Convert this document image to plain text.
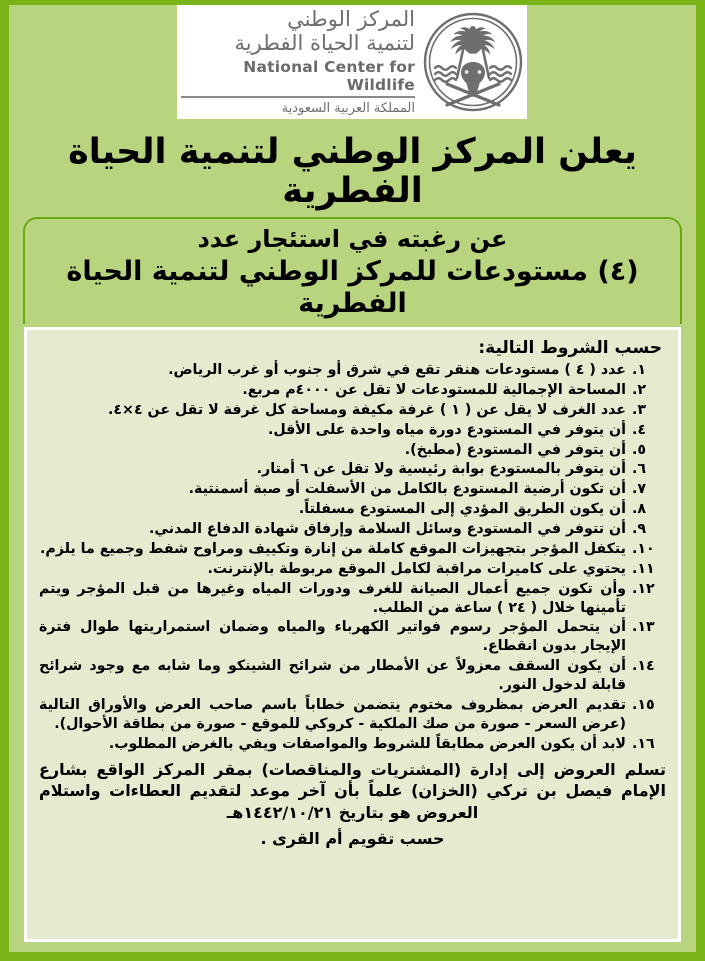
المركز الوطني
لتنمية الحياة الفطرية
National Center for Wildlife
المملكة العربية السعودية
يعلن المركز الوطني لتنمية الحياة الفطرية
عن رغبته في استئجار عدد
(٤) مستودعات للمركز الوطني لتنمية الحياة الفطرية
حسب الشروط التالية:
١.
عدد ( ٤ ) مستودعات هنقر تقع في شرق أو جنوب أو غرب الرياض.
٢.
المساحة الإجمالية للمستودعات لا تقل عن ٤٠٠٠م مربع.
٣.
عدد الغرف لا يقل عن ( ١ ) غرفة مكيفة ومساحة كل غرفة لا تقل عن ٤×٤.
٤.
أن يتوفر في المستودع دورة مياه واحدة على الأقل.
٥.
أن يتوفر في المستودع (مطبخ).
٦.
أن يتوفر بالمستودع بوابة رئيسية ولا تقل عن ٦ أمتار.
٧.
أن تكون أرضية المستودع بالكامل من الأسفلت أو صبة أسمنتية.
٨.
أن يكون الطريق المؤدي إلى المستودع مسفلتاً.
٩.
أن تتوفر في المستودع وسائل السلامة وإرفاق شهادة الدفاع المدني.
١٠.
يتكفل المؤجر بتجهيزات الموقع كاملة من إنارة وتكييف ومراوح شفط وجميع ما يلزم.
١١.
يحتوي على كاميرات مراقبة لكامل الموقع مربوطة بالإنترنت.
١٢.
وأن تكون جميع أعمال الصيانة للغرف ودورات المياه وغيرها من قبل المؤجر ويتم تأمينها خلال ( ٢٤ ) ساعة من الطلب.
١٣.
أن يتحمل المؤجر رسوم فواتير الكهرباء والمياه وضمان استمراريتها طوال فترة الإيجار بدون انقطاع.
١٤.
أن يكون السقف معزولاً عن الأمطار من شرائح الشينكو وما شابه مع وجود شرائح قابلة لدخول النور.
١٥.
تقديم العرض بمظروف مختوم يتضمن خطاباً باسم صاحب العرض والأوراق التالية (عرض السعر - صورة من صك الملكية - كروكي للموقع - صورة من بطاقة الأحوال).
١٦.
لابد أن يكون العرض مطابقاً للشروط والمواصفات ويفي بالغرض المطلوب.
تسلم العروض إلى إدارة (المشتريات والمناقصات) بمقر المركز الواقع بشارع الإمام فيصل بن تركي (الخزان) علماً بأن آخر موعد لتقديم العطاءات واستلام العروض هو بتاريخ ١٤٤٢/١٠/٢١هـ
حسب تقويم أم القرى .
